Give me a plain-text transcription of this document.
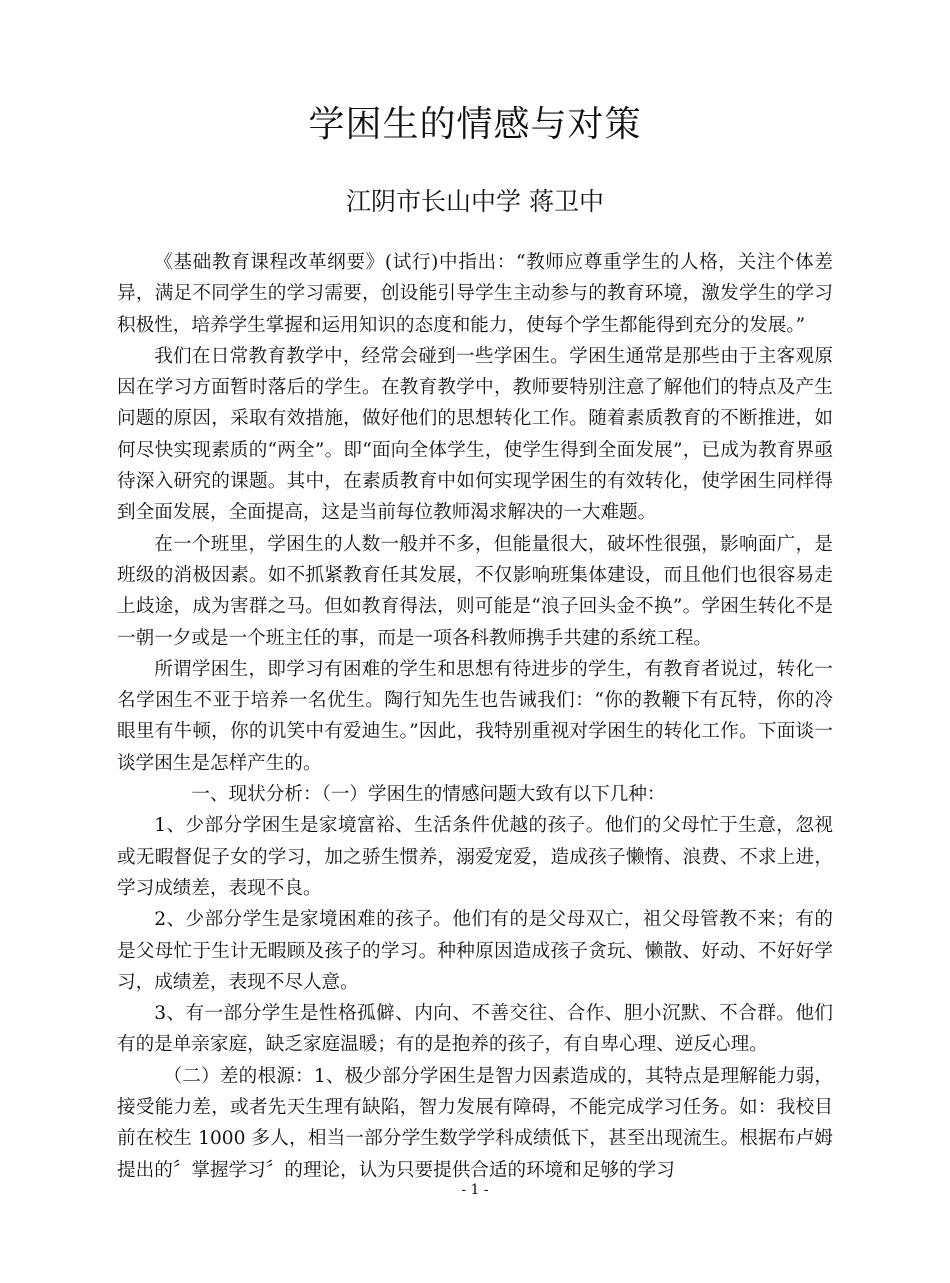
学困生的情感与对策
江阴市长山中学 蒋卫中

《基础教育课程改革纲要》(试行)中指出：“教师应尊重学生的人格，关注个体差异，满足不同学生的学习需要，创设能引导学生主动参与的教育环境，激发学生的学习积极性，培养学生掌握和运用知识的态度和能力，使每个学生都能得到充分的发展。”

我们在日常教育教学中，经常会碰到一些学困生。学困生通常是那些由于主客观原因在学习方面暂时落后的学生。在教育教学中，教师要特别注意了解他们的特点及产生问题的原因，采取有效措施，做好他们的思想转化工作。随着素质教育的不断推进，如何尽快实现素质的“两全”。即“面向全体学生，使学生得到全面发展”，已成为教育界亟待深入研究的课题。其中，在素质教育中如何实现学困生的有效转化，使学困生同样得到全面发展，全面提高，这是当前每位教师渴求解决的一大难题。

在一个班里，学困生的人数一般并不多，但能量很大，破坏性很强，影响面广，是班级的消极因素。如不抓紧教育任其发展，不仅影响班集体建设，而且他们也很容易走上歧途，成为害群之马。但如教育得法，则可能是“浪子回头金不换”。学困生转化不是一朝一夕或是一个班主任的事，而是一项各科教师携手共建的系统工程。

所谓学困生，即学习有困难的学生和思想有待进步的学生，有教育者说过，转化一名学困生不亚于培养一名优生。陶行知先生也告诫我们：“你的教鞭下有瓦特，你的冷眼里有牛顿，你的讥笑中有爱迪生。”因此，我特别重视对学困生的转化工作。下面谈一谈学困生是怎样产生的。

一、现状分析：（一）学困生的情感问题大致有以下几种：

1、少部分学困生是家境富裕、生活条件优越的孩子。他们的父母忙于生意，忽视或无暇督促子女的学习，加之骄生惯养，溺爱宠爱，造成孩子懒惰、浪费、不求上进，学习成绩差，表现不良。

2、少部分学生是家境困难的孩子。他们有的是父母双亡，祖父母管教不来；有的是父母忙于生计无暇顾及孩子的学习。种种原因造成孩子贪玩、懒散、好动、不好好学习，成绩差，表现不尽人意。

3、有一部分学生是性格孤僻、内向、不善交往、合作、胆小沉默、不合群。他们有的是单亲家庭，缺乏家庭温暖；有的是抱养的孩子，有自卑心理、逆反心理。

（二）差的根源：1、极少部分学困生是智力因素造成的，其特点是理解能力弱，接受能力差，或者先天生理有缺陷，智力发展有障碍，不能完成学习任务。如：我校目前在校生 1000 多人，相当一部分学生数学学科成绩低下，甚至出现流生。根据布卢姆提出的〞掌握学习〞的理论，认为只要提供合适的环境和足够的学习

- 1 -
